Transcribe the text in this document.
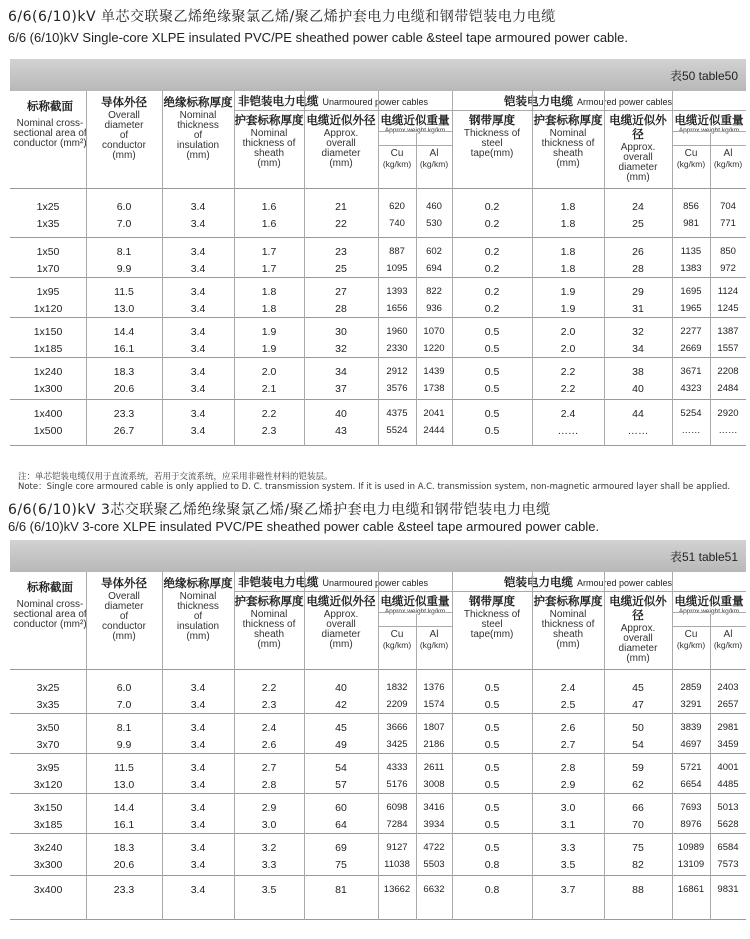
6/6(6/10)kV 单芯交联聚乙烯绝缘聚氯乙烯/聚乙烯护套电力电缆和钢带铠装电力电缆
6/6 (6/10)kV Single-core XLPE insulated PVC/PE sheathed power cable &steel tape armoured power cable.
表50 table50
标称截面
Nominal cross-sectional area of conductor (mm²)
导体外径
Overall diameter of conductor (mm)
绝缘标称厚度
Nominal thickness of insulation (mm)
非铠装电力电缆 Unarmoured power cables	铠装电力电缆 Armoured power cables
护套标称厚度
Nominal thickness of sheath (mm)
电缆近似外径
Approx. overall diameter (mm)
钢带厚度
Thickness of steel tape(mm)
护套标称厚度
Nominal thickness of sheath (mm)
电缆近似外径
Approx. overall diameter (mm)
电缆近似重量
Approx.weight kg/km
Cu
(kg/km)
Al
(kg/km)
电缆近似重量
Approx.weight kg/km
Cu
(kg/km)
Al
(kg/km)
1x25	6.0	3.4	1.6	21	620	460	0.2	1.8	24	856	704
1x35	7.0	3.4	1.6	22	740	530	0.2	1.8	25	981	771
1x50	8.1	3.4	1.7	23	887	602	0.2	1.8	26	1135	850
1x70	9.9	3.4	1.7	25	1095	694	0.2	1.8	28	1383	972
1x95	11.5	3.4	1.8	27	1393	822	0.2	1.9	29	1695	1124
1x120	13.0	3.4	1.8	28	1656	936	0.2	1.9	31	1965	1245
1x150	14.4	3.4	1.9	30	1960	1070	0.5	2.0	32	2277	1387
1x185	16.1	3.4	1.9	32	2330	1220	0.5	2.0	34	2669	1557
1x240	18.3	3.4	2.0	34	2912	1439	0.5	2.2	38	3671	2208
1x300	20.6	3.4	2.1	37	3576	1738	0.5	2.2	40	4323	2484
1x400	23.3	3.4	2.2	40	4375	2041	0.5	2.4	44	5254	2920
1x500	26.7	3.4	2.3	43	5524	2444	0.5	……	……	……	……
注：单芯铠装电缆仅用于直流系统，若用于交流系统，应采用非磁性材料的铠装层。
Note：Single core armoured cable is only applied to D. C. transmission system. If it is used in A.C. transmission system, non-magnetic armoured layer shall be applied.
6/6(6/10)kV 3芯交联聚乙烯绝缘聚氯乙烯/聚乙烯护套电力电缆和钢带铠装电力电缆
6/6 (6/10)kV 3-core XLPE insulated PVC/PE sheathed power cable &steel tape armoured power cable.
表51 table51
标称截面
Nominal cross-sectional area of conductor (mm²)
导体外径
Overall diameter of conductor (mm)
绝缘标称厚度
Nominal thickness of insulation (mm)
非铠装电力电缆 Unarmoured power cables	铠装电力电缆 Armoured power cables
护套标称厚度
Nominal thickness of sheath (mm)
电缆近似外径
Approx. overall diameter (mm)
钢带厚度
Thickness of steel tape(mm)
护套标称厚度
Nominal thickness of sheath (mm)
电缆近似外径
Approx. overall diameter (mm)
电缆近似重量
Approx.weight kg/km
Cu
(kg/km)
Al
(kg/km)
电缆近似重量
Approx.weight kg/km
Cu
(kg/km)
Al
(kg/km)
3x25	6.0	3.4	2.2	40	1832	1376	0.5	2.4	45	2859	2403
3x35	7.0	3.4	2.3	42	2209	1574	0.5	2.5	47	3291	2657
3x50	8.1	3.4	2.4	45	3666	1807	0.5	2.6	50	3839	2981
3x70	9.9	3.4	2.6	49	3425	2186	0.5	2.7	54	4697	3459
3x95	11.5	3.4	2.7	54	4333	2611	0.5	2.8	59	5721	4001
3x120	13.0	3.4	2.8	57	5176	3008	0.5	2.9	62	6654	4485
3x150	14.4	3.4	2.9	60	6098	3416	0.5	3.0	66	7693	5013
3x185	16.1	3.4	3.0	64	7284	3934	0.5	3.1	70	8976	5628
3x240	18.3	3.4	3.2	69	9127	4722	0.5	3.3	75	10989	6584
3x300	20.6	3.4	3.3	75	11038	5503	0.8	3.5	82	13109	7573
3x400	23.3	3.4	3.5	81	13662	6632	0.8	3.7	88	16861	9831
